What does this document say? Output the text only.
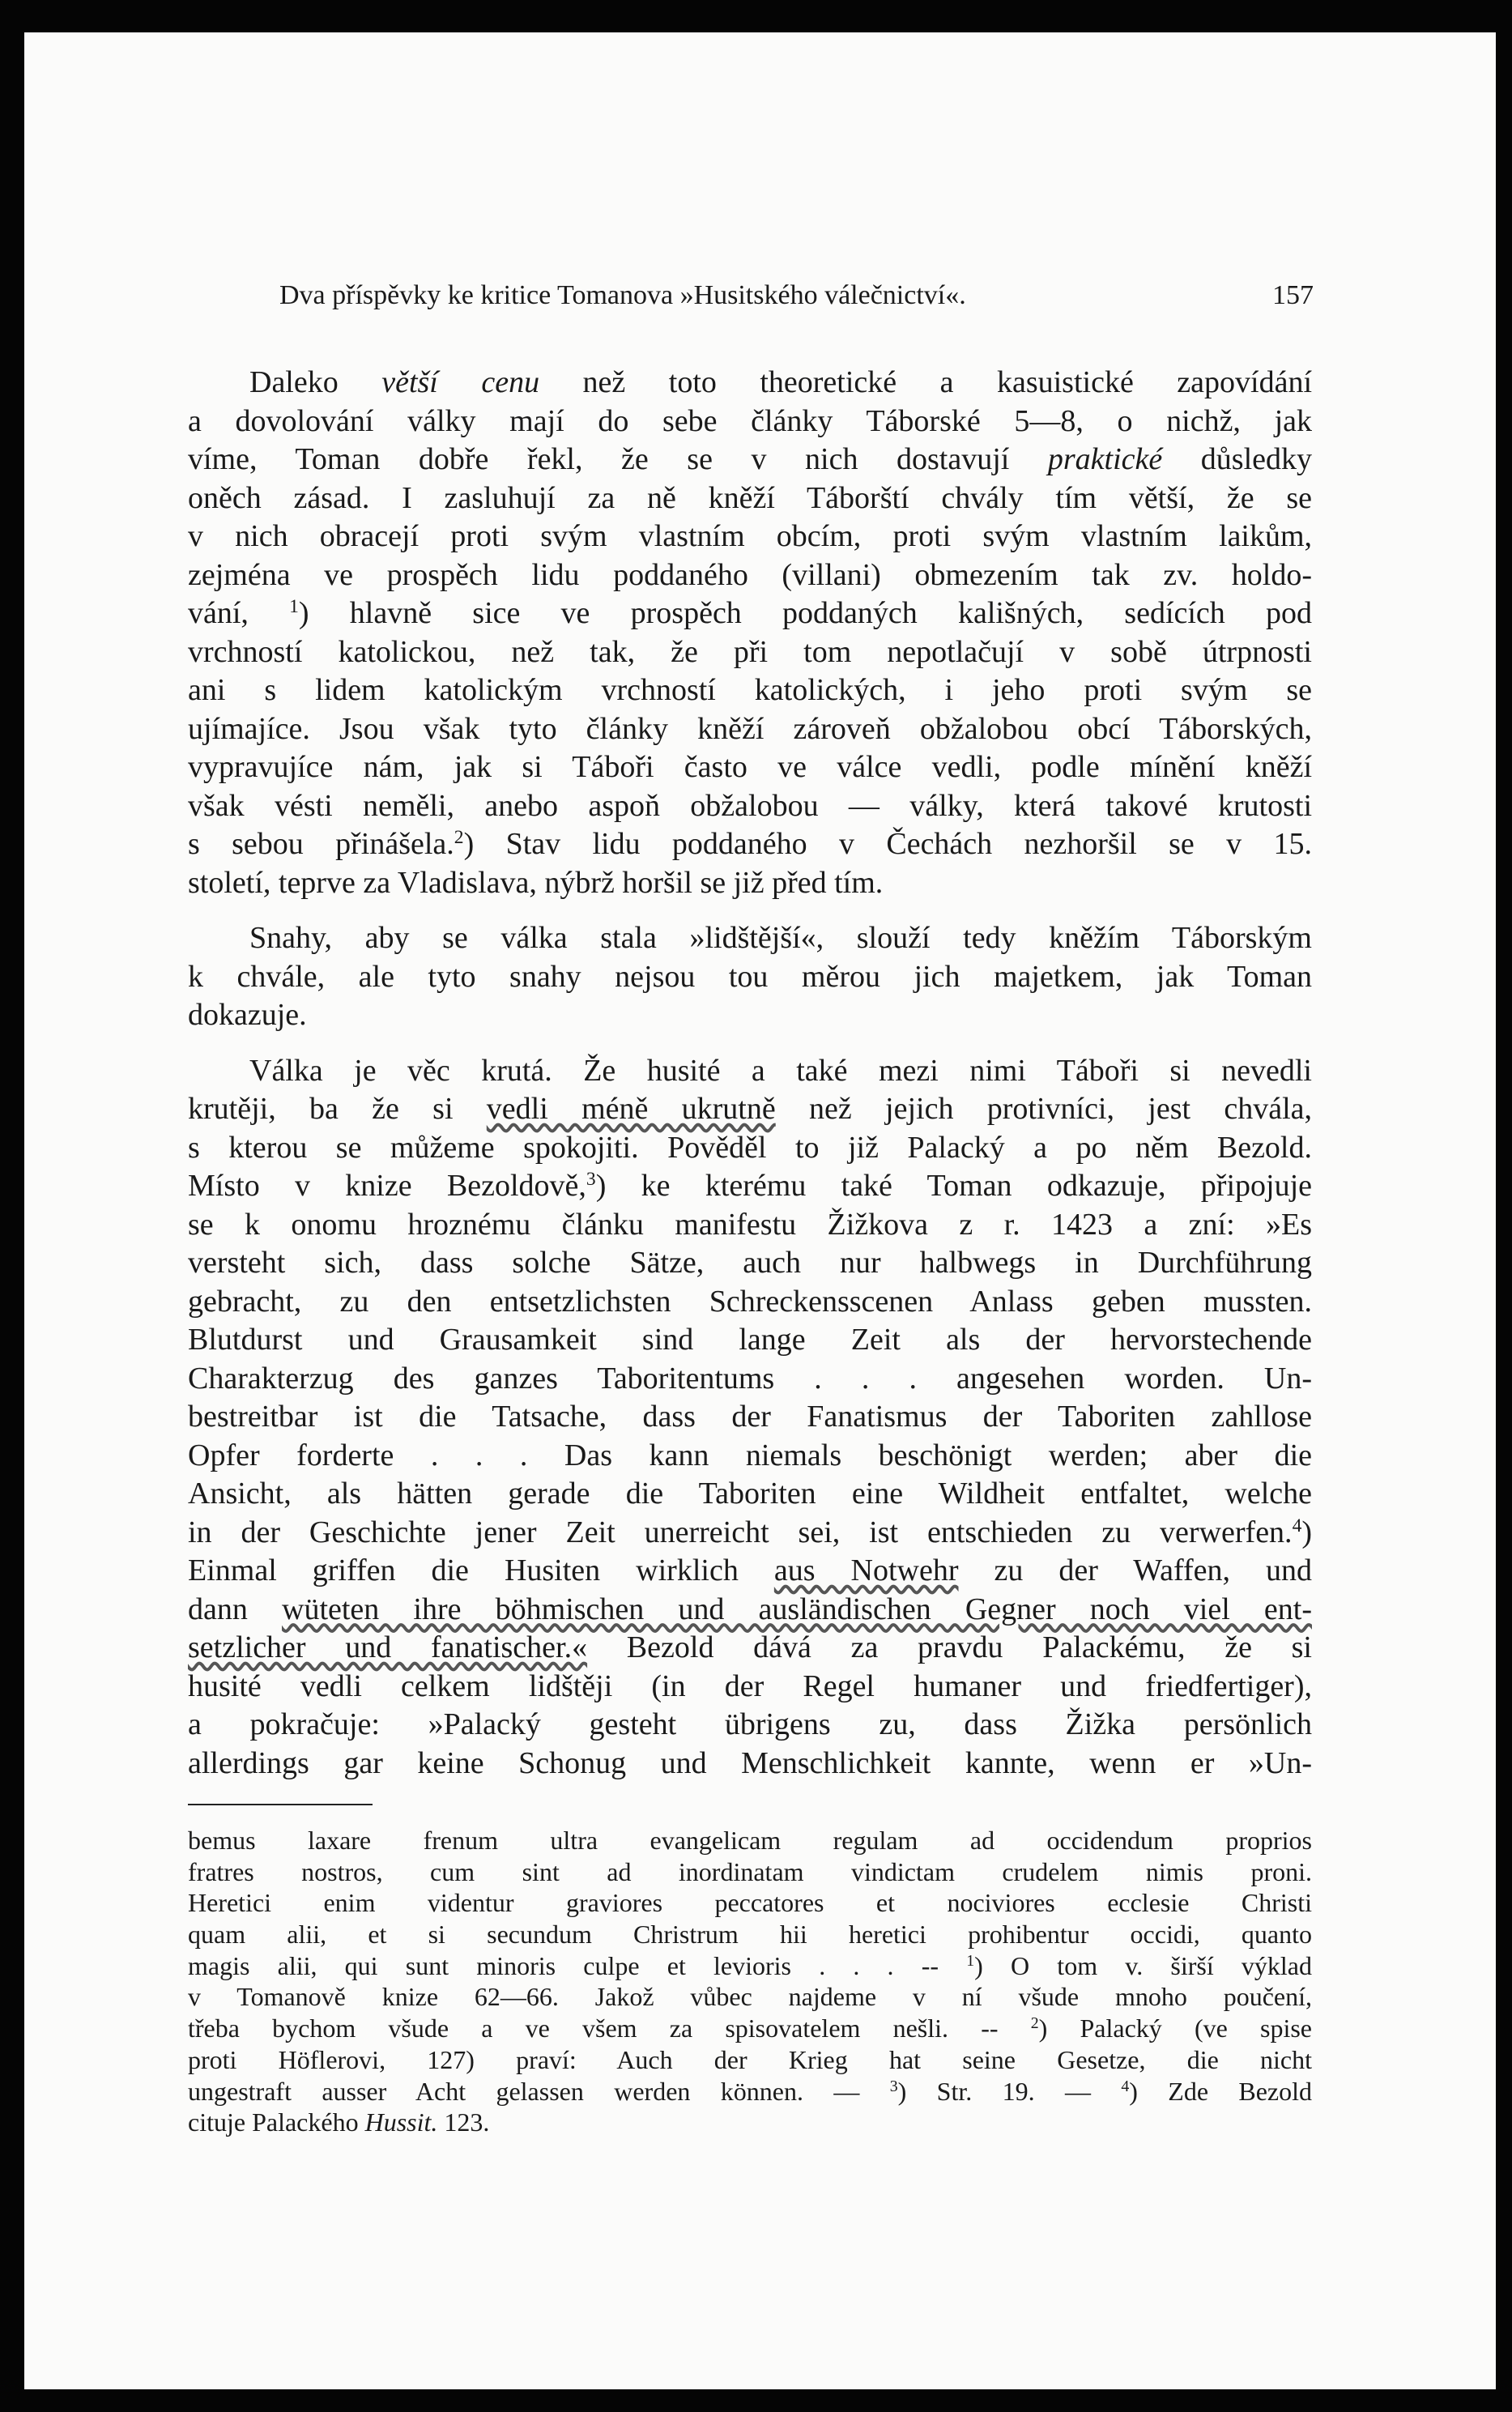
Dva příspěvky ke kritice Tomanova »Husitského válečnictví«.	157
Daleko větší cenu než toto theoretické a kasuistické zapovídání
a dovolování války mají do sebe články Táborské 5—8, o nichž, jak
víme, Toman dobře řekl, že se v nich dostavují praktické důsledky
oněch zásad. I zasluhují za ně kněží Táborští chvály tím větší, že se
v nich obracejí proti svým vlastním obcím, proti svým vlastním laikům,
zejména ve prospěch lidu poddaného (villani) obmezením tak zv. holdo-
vání, $^1$) hlavně sice ve prospěch poddaných kališných, sedících pod
vrchností katolickou, než tak, že při tom nepotlačují v sobě útrpnosti
ani s lidem katolickým vrchností katolických, i jeho proti svým se
ujímajíce. Jsou však tyto články kněží zároveň obžalobou obcí Táborských,
vypravujíce nám, jak si Táboři často ve válce vedli, podle mínění kněží
však vésti neměli, anebo aspoň obžalobou — války, která takové krutosti
s sebou přinášela.$^2$) Stav lidu poddaného v Čechách nezhoršil se v 15.
století, teprve za Vladislava, nýbrž horšil se již před tím.
Snahy, aby se válka stala »lidštější«, slouží tedy kněžím Táborským
k chvále, ale tyto snahy nejsou tou měrou jich majetkem, jak Toman
dokazuje.
Válka je věc krutá. Že husité a také mezi nimi Táboři si nevedli
krutěji, ba že si vedli méně ukrutně než jejich protivníci, jest chvála,
s kterou se můžeme spokojiti. Pověděl to již Palacký a po něm Bezold.
Místo v knize Bezoldově,$^3$) ke kterému také Toman odkazuje, připojuje
se k onomu hroznému článku manifestu Žižkova z r. 1423 a zní: »Es
versteht sich, dass solche Sätze, auch nur halbwegs in Durchführung
gebracht, zu den entsetzlichsten Schreckensscenen Anlass geben mussten.
Blutdurst und Grausamkeit sind lange Zeit als der hervorstechende
Charakterzug des ganzes Taboritentums . . . angesehen worden. Un-
bestreitbar ist die Tatsache, dass der Fanatismus der Taboriten zahllose
Opfer forderte . . . Das kann niemals beschönigt werden; aber die
Ansicht, als hätten gerade die Taboriten eine Wildheit entfaltet, welche
in der Geschichte jener Zeit unerreicht sei, ist entschieden zu verwerfen.$^4$)
Einmal griffen die Husiten wirklich aus Notwehr zu der Waffen, und
dann wüteten ihre böhmischen und ausländischen Gegner noch viel ent-
setzlicher und fanatischer.« Bezold dává za pravdu Palackému, že si
husité vedli celkem lidštěji (in der Regel humaner und friedfertiger),
a pokračuje: »Palacký gesteht übrigens zu, dass Žižka persönlich
allerdings gar keine Schonug und Menschlichkeit kannte, wenn er »Un-
bemus laxare frenum ultra evangelicam regulam ad occidendum proprios
fratres nostros, cum sint ad inordinatam vindictam crudelem nimis proni.
Heretici enim videntur graviores peccatores et nociviores ecclesie Christi
quam alii, et si secundum Christrum hii heretici prohibentur occidi, quanto
magis alii, qui sunt minoris culpe et levioris . . . -- $^1$) O tom v. širší výklad
v Tomanově knize 62—66. Jakož vůbec najdeme v ní všude mnoho poučení,
třeba bychom všude a ve všem za spisovatelem nešli. -- $^2$) Palacký (ve spise
proti Höflerovi, 127) praví: Auch der Krieg hat seine Gesetze, die nicht
ungestraft ausser Acht gelassen werden können. — $^3$) Str. 19. — $^4$) Zde Bezold
cituje Palackého Hussit. 123.
